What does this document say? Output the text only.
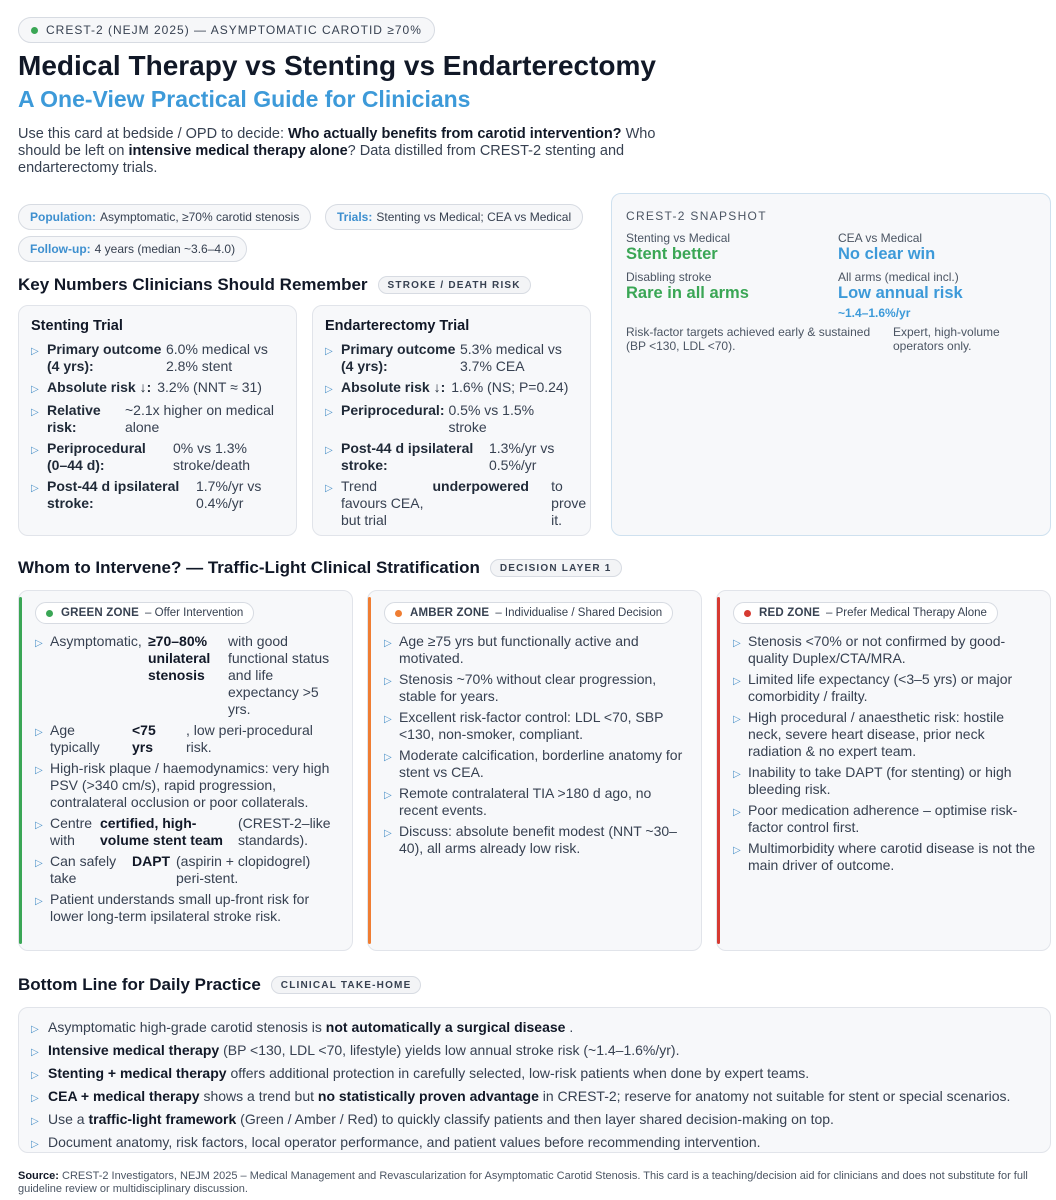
CREST-2 (NEJM 2025) — ASYMPTOMATIC CAROTID ≥70%
Medical Therapy vs Stenting vs Endarterectomy
A One-View Practical Guide for Clinicians
Use this card at bedside / OPD to decide: Who actually benefits from carotid intervention? Who should be left on intensive medical therapy alone? Data distilled from CREST-2 stenting and endarterectomy trials.
Population: Asymptomatic, ≥70% carotid stenosis	Trials: Stenting vs Medical; CEA vs Medical
Follow-up: 4 years (median ~3.6–4.0)
CREST-2 SNAPSHOT
Stenting vs Medical
Stent better
CEA vs Medical
No clear win
Disabling stroke
Rare in all arms
All arms (medical incl.)
Low annual risk
~1.4–1.6%/yr
Risk-factor targets achieved early & sustained (BP <130, LDL <70).
Expert, high-volume operators only.
Key Numbers Clinicians Should Remember	STROKE / DEATH RISK
Stenting Trial
▷ Primary outcome (4 yrs):
6.0% medical vs 2.8% stent
▷ Absolute risk ↓: 3.2% (NNT ≈ 31)
▷ Relative risk:
~2.1x higher on medical alone
▷ Periprocedural (0–44 d):
0% vs 1.3% stroke/death
▷ Post-44 d ipsilateral stroke:
1.7%/yr vs 0.4%/yr
Endarterectomy Trial
▷ Primary outcome (4 yrs):
5.3% medical vs 3.7% CEA
▷ Absolute risk ↓: 1.6% (NS; P=0.24)
▷ Periprocedural: 0.5% vs 1.5% stroke
▷ Post-44 d ipsilateral stroke:
1.3%/yr vs 0.5%/yr
▷ Trend favours CEA, but trial
underpowered	to prove it.
Whom to Intervene? — Traffic-Light Clinical Stratification	DECISION LAYER 1
GREEN ZONE – Offer Intervention
▷ Asymptomatic, ≥70–80% unilateral stenosis
with good functional status and life expectancy >5 yrs.
▷ Age typically
<75 yrs
, low peri-procedural risk.
▷ High-risk plaque / haemodynamics: very high PSV (>340 cm/s), rapid progression, contralateral occlusion or poor collaterals.
▷ Centre with
certified, high-volume stent team
(CREST-2–like standards).
▷ Can safely take
DAPT (aspirin + clopidogrel) peri-stent.
▷ Patient understands small up-front risk for lower long-term ipsilateral stroke risk.
AMBER ZONE – Individualise / Shared Decision
▷ Age ≥75 yrs but functionally active and motivated.
▷ Stenosis ~70% without clear progression, stable for years.
▷ Excellent risk-factor control: LDL <70, SBP <130, non-smoker, compliant.
▷ Moderate calcification, borderline anatomy for stent vs CEA.
▷ Remote contralateral TIA >180 d ago, no recent events.
▷ Discuss: absolute benefit modest (NNT ~30–40), all arms already low risk.
RED ZONE – Prefer Medical Therapy Alone
▷ Stenosis <70% or not confirmed by good-quality Duplex/CTA/MRA.
▷ Limited life expectancy (<3–5 yrs) or major comorbidity / frailty.
▷ High procedural / anaesthetic risk: hostile neck, severe heart disease, prior neck radiation & no expert team.
▷ Inability to take DAPT (for stenting) or high bleeding risk.
▷ Poor medication adherence – optimise risk-factor control first.
▷ Multimorbidity where carotid disease is not the main driver of outcome.
Bottom Line for Daily Practice	CLINICAL TAKE-HOME
▷ Asymptomatic high-grade carotid stenosis is
not automatically a surgical disease
.
▷ Intensive medical therapy
(BP <130, LDL <70, lifestyle) yields low annual stroke risk (~1.4–1.6%/yr).
▷ Stenting + medical therapy
offers additional protection in carefully selected, low-risk patients when done by expert teams.
▷ CEA + medical therapy
shows a trend but
no statistically proven advantage
in CREST-2; reserve for anatomy not suitable for stent or special scenarios.
▷ Use a
traffic-light framework
(Green / Amber / Red) to quickly classify patients and then layer shared decision-making on top.
▷ Document anatomy, risk factors, local operator performance, and patient values before recommending intervention.
Source: CREST-2 Investigators, NEJM 2025 – Medical Management and Revascularization for Asymptomatic Carotid Stenosis. This card is a teaching/decision aid for clinicians and does not substitute for full guideline review or multidisciplinary discussion.
